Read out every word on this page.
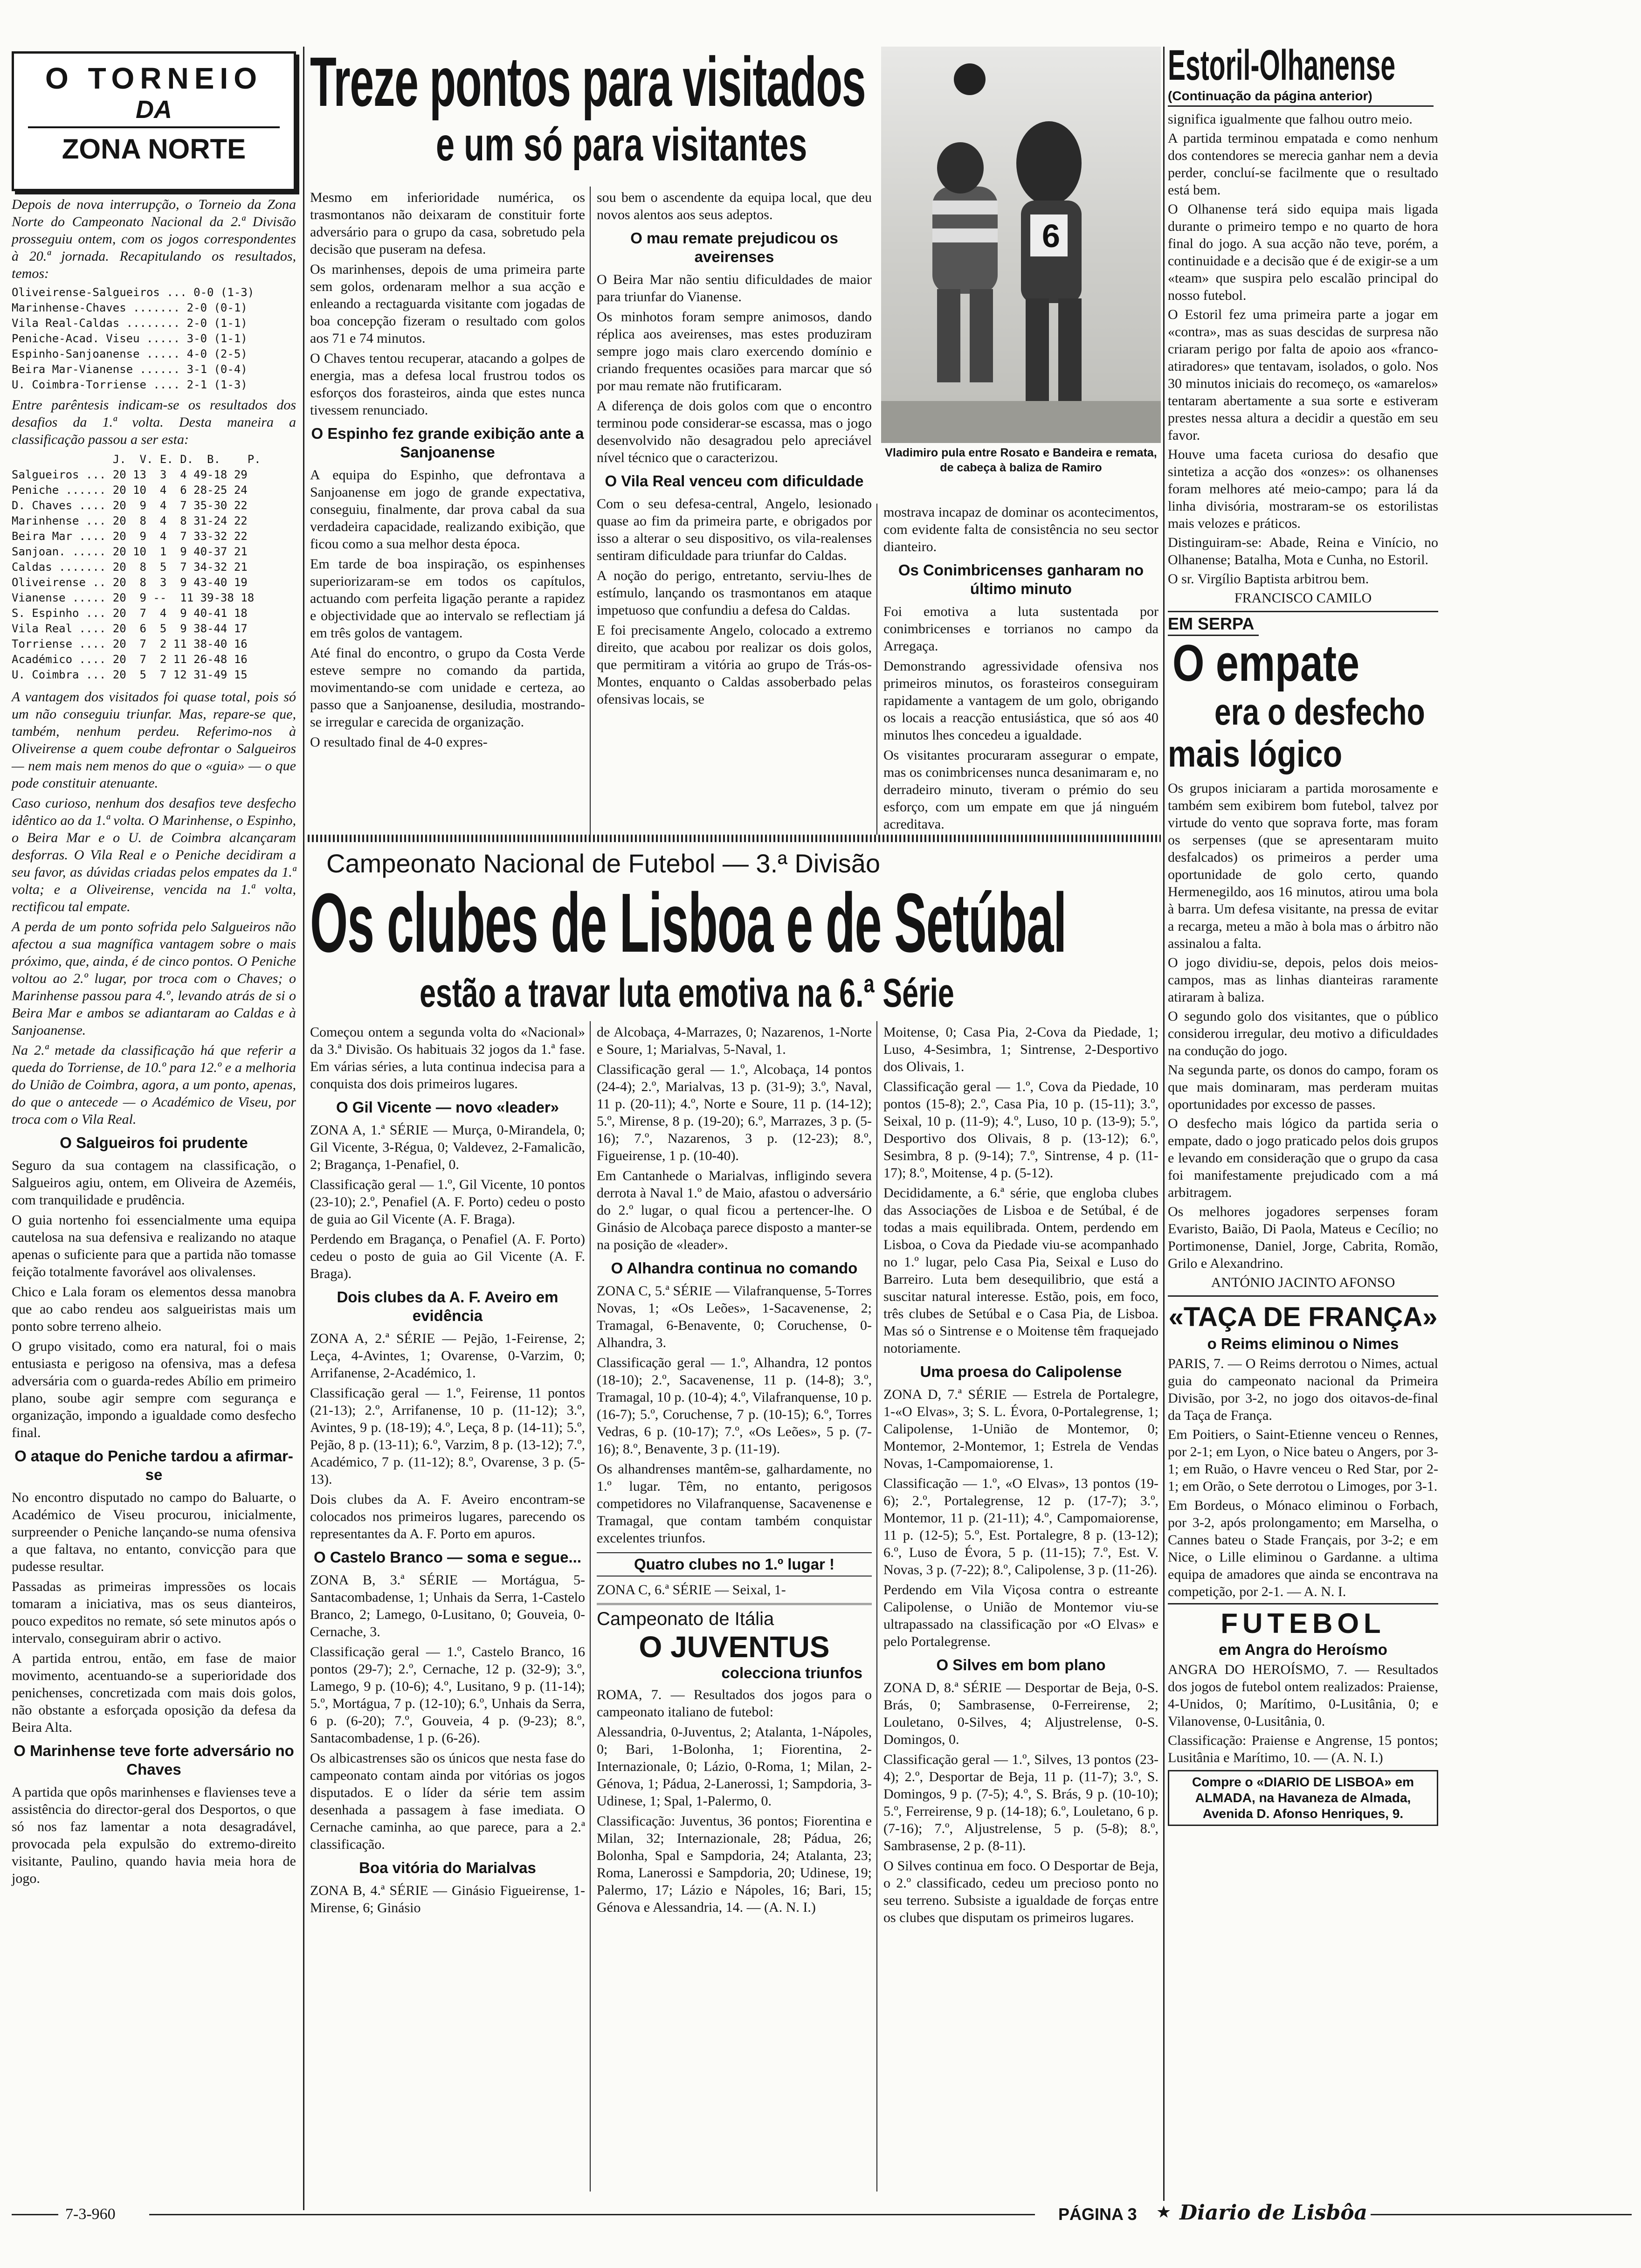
O TORNEIO
DA
ZONA NORTE

Depois de nova interrupção, o Torneio da Zona Norte do Campeonato Nacional da 2.ª Divisão prosseguiu ontem, com os jogos correspondentes à 20.ª jornada. Recapitulando os resultados, temos:

Oliveirense-Salgueiros ... 0-0 (1-3)
Marinhense-Chaves ....... 2-0 (0-1)
Vila Real-Caldas ........ 2-0 (1-1)
Peniche-Acad. Viseu ..... 3-0 (1-1)
Espinho-Sanjoanense ..... 4-0 (2-5)
Beira Mar-Vianense ...... 3-1 (0-4)
U. Coimbra-Torriense .... 2-1 (1-3)

Entre parêntesis indicam-se os resultados dos desafios da 1.ª volta. Desta maneira a classificação passou a ser esta:

J.  V. E. D.  B.    P.
Salgueiros ... 20 13  3  4 49-18 29
Peniche ...... 20 10  4  6 28-25 24
D. Chaves .... 20  9  4  7 35-30 22
Marinhense ... 20  8  4  8 31-24 22
Beira Mar .... 20  9  4  7 33-32 22
Sanjoan. ..... 20 10  1  9 40-37 21
Caldas ....... 20  8  5  7 34-32 21
Oliveirense .. 20  8  3  9 43-40 19
Vianense ..... 20  9 --  11 39-38 18
S. Espinho ... 20  7  4  9 40-41 18
Vila Real .... 20  6  5  9 38-44 17
Torriense .... 20  7  2 11 38-40 16
Académico .... 20  7  2 11 26-48 16
U. Coimbra ... 20  5  7 12 31-49 15

A vantagem dos visitados foi quase total, pois só um não conseguiu triunfar. Mas, repare-se que, também, nenhum perdeu. Referimo-nos à Oliveirense a quem coube defrontar o Salgueiros — nem mais nem menos do que o «guia» — o que pode constituir atenuante.

Caso curioso, nenhum dos desafios teve desfecho idêntico ao da 1.ª volta. O Marinhense, o Espinho, o Beira Mar e o U. de Coimbra alcançaram desforras. O Vila Real e o Peniche decidiram a seu favor, as dúvidas criadas pelos empates da 1.ª volta; e a Oliveirense, vencida na 1.ª volta, rectificou tal empate.

A perda de um ponto sofrida pelo Salgueiros não afectou a sua magnífica vantagem sobre o mais próximo, que, ainda, é de cinco pontos. O Peniche voltou ao 2.º lugar, por troca com o Chaves; o Marinhense passou para 4.º, levando atrás de si o Beira Mar e ambos se adiantaram ao Caldas e à Sanjoanense.

Na 2.ª metade da classificação há que referir a queda do Torriense, de 10.º para 12.º e a melhoria do União de Coimbra, agora, a um ponto, apenas, do que o antecede — o Académico de Viseu, por troca com o Vila Real.

O Salgueiros foi prudente

Seguro da sua contagem na classificação, o Salgueiros agiu, ontem, em Oliveira de Azeméis, com tranquilidade e prudência.

O guia nortenho foi essencialmente uma equipa cautelosa na sua defensiva e realizando no ataque apenas o suficiente para que a partida não tomasse feição totalmente favorável aos olivalenses.

Chico e Lala foram os elementos dessa manobra que ao cabo rendeu aos salgueiristas mais um ponto sobre terreno alheio.

O grupo visitado, como era natural, foi o mais entusiasta e perigoso na ofensiva, mas a defesa adversária com o guarda-redes Abílio em primeiro plano, soube agir sempre com segurança e organização, impondo a igualdade como desfecho final.

O ataque do Peniche tardou a afirmar-se

No encontro disputado no campo do Baluarte, o Académico de Viseu procurou, inicialmente, surpreender o Peniche lançando-se numa ofensiva a que faltava, no entanto, convicção para que pudesse resultar.

Passadas as primeiras impressões os locais tomaram a iniciativa, mas os seus dianteiros, pouco expeditos no remate, só sete minutos após o intervalo, conseguiram abrir o activo.

A partida entrou, então, em fase de maior movimento, acentuando-se a superioridade dos penichenses, concretizada com mais dois golos, não obstante a esforçada oposição da defesa da Beira Alta.

O Marinhense teve forte adversário no Chaves

A partida que opôs marinhenses e flavienses teve a assistência do director-geral dos Desportos, o que só nos faz lamentar a nota desagradável, provocada pela expulsão do extremo-direito visitante, Paulino, quando havia meia hora de jogo.

Treze pontos para visitados
e um só para visitantes

Mesmo em inferioridade numérica, os trasmontanos não deixaram de constituir forte adversário para o grupo da casa, sobretudo pela decisão que puseram na defesa.

Os marinhenses, depois de uma primeira parte sem golos, ordenaram melhor a sua acção e enleando a rectaguarda visitante com jogadas de boa concepção fizeram o resultado com golos aos 71 e 74 minutos.

O Chaves tentou recuperar, atacando a golpes de energia, mas a defesa local frustrou todos os esforços dos forasteiros, ainda que estes nunca tivessem renunciado.

O Espinho fez grande exibição ante a Sanjoanense

A equipa do Espinho, que defrontava a Sanjoanense em jogo de grande expectativa, conseguiu, finalmente, dar prova cabal da sua verdadeira capacidade, realizando exibição, que ficou como a sua melhor desta época.

Em tarde de boa inspiração, os espinhenses superiorizaram-se em todos os capítulos, actuando com perfeita ligação perante a rapidez e objectividade que ao intervalo se reflectiam já em três golos de vantagem.

Até final do encontro, o grupo da Costa Verde esteve sempre no comando da partida, movimentando-se com unidade e certeza, ao passo que a Sanjoanense, desiludia, mostrando-se irregular e carecida de organização.

O resultado final de 4-0 expres-

sou bem o ascendente da equipa local, que deu novos alentos aos seus adeptos.

O mau remate prejudicou os aveirenses

O Beira Mar não sentiu dificuldades de maior para triunfar do Vianense.

Os minhotos foram sempre animosos, dando réplica aos aveirenses, mas estes produziram sempre jogo mais claro exercendo domínio e criando frequentes ocasiões para marcar que só por mau remate não frutificaram.

A diferença de dois golos com que o encontro terminou pode considerar-se escassa, mas o jogo desenvolvido não desagradou pelo apreciável nível técnico que o caracterizou.

O Vila Real venceu com dificuldade

Com o seu defesa-central, Angelo, lesionado quase ao fim da primeira parte, e obrigados por isso a alterar o seu dispositivo, os vila-realenses sentiram dificuldade para triunfar do Caldas.

A noção do perigo, entretanto, serviu-lhes de estímulo, lançando os trasmontanos em ataque impetuoso que confundiu a defesa do Caldas.

E foi precisamente Angelo, colocado a extremo direito, que acabou por realizar os dois golos, que permitiram a vitória ao grupo de Trás-os-Montes, enquanto o Caldas assoberbado pelas ofensivas locais, se

6
Vladimiro pula entre Rosato e Bandeira e remata, de cabeça à baliza de Ramiro

mostrava incapaz de dominar os acontecimentos, com evidente falta de consistência no seu sector dianteiro.

Os Conimbricenses ganharam no último minuto

Foi emotiva a luta sustentada por conimbricenses e torrianos no campo da Arregaça.

Demonstrando agressividade ofensiva nos primeiros minutos, os forasteiros conseguiram rapidamente a vantagem de um golo, obrigando os locais a reacção entusiástica, que só aos 40 minutos lhes concedeu a igualdade.

Os visitantes procuraram assegurar o empate, mas os conimbricenses nunca desanimaram e, no derradeiro minuto, tiveram o prémio do seu esforço, com um empate em que já ninguém acreditava.

Estoril-Olhanense
(Continuação da página anterior)

significa igualmente que falhou outro meio.

A partida terminou empatada e como nenhum dos contendores se merecia ganhar nem a devia perder, concluí-se facilmente que o resultado está bem.

O Olhanense terá sido equipa mais ligada durante o primeiro tempo e no quarto de hora final do jogo. A sua acção não teve, porém, a continuidade e a decisão que é de exigir-se a um «team» que suspira pelo escalão principal do nosso futebol.

O Estoril fez uma primeira parte a jogar em «contra», mas as suas descidas de surpresa não criaram perigo por falta de apoio aos «franco-atiradores» que tentavam, isolados, o golo. Nos 30 minutos iniciais do recomeço, os «amarelos» tentaram abertamente a sua sorte e estiveram prestes nessa altura a decidir a questão em seu favor.

Houve uma faceta curiosa do desafio que sintetiza a acção dos «onzes»: os olhanenses foram melhores até meio-campo; para lá da linha divisória, mostraram-se os estorilistas mais velozes e práticos.

Distinguiram-se: Abade, Reina e Vinício, no Olhanense; Batalha, Mota e Cunha, no Estoril.

O sr. Virgílio Baptista arbitrou bem.

FRANCISCO CAMILO
EM SERPA
O empate
era o desfecho
mais lógico

Os grupos iniciaram a partida morosamente e também sem exibirem bom futebol, talvez por virtude do vento que soprava forte, mas foram os serpenses (que se apresentaram muito desfalcados) os primeiros a perder uma oportunidade de golo certo, quando Hermenegildo, aos 16 minutos, atirou uma bola à barra. Um defesa visitante, na pressa de evitar a recarga, meteu a mão à bola mas o árbitro não assinalou a falta.

O jogo dividiu-se, depois, pelos dois meios-campos, mas as linhas dianteiras raramente atiraram à baliza.

O segundo golo dos visitantes, que o público considerou irregular, deu motivo a dificuldades na condução do jogo.

Na segunda parte, os donos do campo, foram os que mais dominaram, mas perderam muitas oportunidades por excesso de passes.

O desfecho mais lógico da partida seria o empate, dado o jogo praticado pelos dois grupos e levando em consideração que o grupo da casa foi manifestamente prejudicado com a má arbitragem.

Os melhores jogadores serpenses foram Evaristo, Baião, Di Paola, Mateus e Cecílio; no Portimonense, Daniel, Jorge, Cabrita, Romão, Grilo e Alexandrino.

ANTÓNIO JACINTO AFONSO
«TAÇA DE FRANÇA»
o Reims eliminou o Nimes

PARIS, 7. — O Reims derrotou o Nimes, actual guia do campeonato nacional da Primeira Divisão, por 3-2, no jogo dos oitavos-de-final da Taça de França.

Em Poitiers, o Saint-Etienne venceu o Rennes, por 2-1; em Lyon, o Nice bateu o Angers, por 3-1; em Ruão, o Havre venceu o Red Star, por 2-1; em Orão, o Sete derrotou o Limoges, por 3-1.

Em Bordeus, o Mónaco eliminou o Forbach, por 3-2, após prolongamento; em Marselha, o Cannes bateu o Stade Français, por 3-2; e em Nice, o Lille eliminou o Gardanne. a ultima equipa de amadores que ainda se encontrava na competição, por 2-1. — A. N. I.

FUTEBOL
em Angra do Heroísmo

ANGRA DO HEROÍSMO, 7. — Resultados dos jogos de futebol ontem realizados: Praiense, 4-Unidos, 0; Marítimo, 0-Lusitânia, 0; e Vilanovense, 0-Lusitânia, 0.

Classificação: Praiense e Angrense, 15 pontos; Lusitânia e Marítimo, 10. — (A. N. I.)

Compre o «DIARIO DE LISBOA» em ALMADA, na Havaneza de Almada, Avenida D. Afonso Henriques, 9.
Campeonato Nacional de Futebol — 3.ª Divisão
Os clubes de Lisboa e de Setúbal
estão a travar luta emotiva na 6.ª Série

Começou ontem a segunda volta do «Nacional» da 3.ª Divisão. Os habituais 32 jogos da 1.ª fase. Em várias séries, a luta continua indecisa para a conquista dos dois primeiros lugares.

O Gil Vicente — novo «leader»

ZONA A, 1.ª SÉRIE — Murça, 0-Mirandela, 0; Gil Vicente, 3-Régua, 0; Valdevez, 2-Famalicão, 2; Bragança, 1-Penafiel, 0.

Classificação geral — 1.º, Gil Vicente, 10 pontos (23-10); 2.º, Penafiel (A. F. Porto) cedeu o posto de guia ao Gil Vicente (A. F. Braga).

Perdendo em Bragança, o Penafiel (A. F. Porto) cedeu o posto de guia ao Gil Vicente (A. F. Braga).

Dois clubes da A. F. Aveiro em evidência

ZONA A, 2.ª SÉRIE — Pejão, 1-Feirense, 2; Leça, 4-Avintes, 1; Ovarense, 0-Varzim, 0; Arrifanense, 2-Académico, 1.

Classificação geral — 1.º, Feirense, 11 pontos (21-13); 2.º, Arrifanense, 10 p. (11-12); 3.º, Avintes, 9 p. (18-19); 4.º, Leça, 8 p. (14-11); 5.º, Pejão, 8 p. (13-11); 6.º, Varzim, 8 p. (13-12); 7.º, Académico, 7 p. (11-12); 8.º, Ovarense, 3 p. (5-13).

Dois clubes da A. F. Aveiro encontram-se colocados nos primeiros lugares, parecendo os representantes da A. F. Porto em apuros.

O Castelo Branco — soma e segue...

ZONA B, 3.ª SÉRIE — Mortágua, 5-Santacombadense, 1; Unhais da Serra, 1-Castelo Branco, 2; Lamego, 0-Lusitano, 0; Gouveia, 0-Cernache, 3.

Classificação geral — 1.º, Castelo Branco, 16 pontos (29-7); 2.º, Cernache, 12 p. (32-9); 3.º, Lamego, 9 p. (10-6); 4.º, Lusitano, 9 p. (11-14); 5.º, Mortágua, 7 p. (12-10); 6.º, Unhais da Serra, 6 p. (6-20); 7.º, Gouveia, 4 p. (9-23); 8.º, Santacombadense, 1 p. (6-26).

Os albicastrenses são os únicos que nesta fase do campeonato contam ainda por vitórias os jogos disputados. E o líder da série tem assim desenhada a passagem à fase imediata. O Cernache caminha, ao que parece, para a 2.ª classificação.

Boa vitória do Marialvas

ZONA B, 4.ª SÉRIE — Ginásio Figueirense, 1-Mirense, 6; Ginásio

de Alcobaça, 4-Marrazes, 0; Nazarenos, 1-Norte e Soure, 1; Marialvas, 5-Naval, 1.

Classificação geral — 1.º, Alcobaça, 14 pontos (24-4); 2.º, Marialvas, 13 p. (31-9); 3.º, Naval, 11 p. (20-11); 4.º, Norte e Soure, 11 p. (14-12); 5.º, Mirense, 8 p. (19-20); 6.º, Marrazes, 3 p. (5-16); 7.º, Nazarenos, 3 p. (12-23); 8.º, Figueirense, 1 p. (10-40).

Em Cantanhede o Marialvas, infligindo severa derrota à Naval 1.º de Maio, afastou o adversário do 2.º lugar, o qual ficou a pertencer-lhe. O Ginásio de Alcobaça parece disposto a manter-se na posição de «leader».

O Alhandra continua no comando

ZONA C, 5.ª SÉRIE — Vilafranquense, 5-Torres Novas, 1; «Os Leões», 1-Sacavenense, 2; Tramagal, 6-Benavente, 0; Coruchense, 0-Alhandra, 3.

Classificação geral — 1.º, Alhandra, 12 pontos (18-10); 2.º, Sacavenense, 11 p. (14-8); 3.º, Tramagal, 10 p. (10-4); 4.º, Vilafranquense, 10 p. (16-7); 5.º, Coruchense, 7 p. (10-15); 6.º, Torres Vedras, 6 p. (10-17); 7.º, «Os Leões», 5 p. (7-16); 8.º, Benavente, 3 p. (11-19).

Os alhandrenses mantêm-se, galhardamente, no 1.º lugar. Têm, no entanto, perigosos competidores no Vilafranquense, Sacavenense e Tramagal, que contam também conquistar excelentes triunfos.

Quatro clubes no 1.º lugar !

ZONA C, 6.ª SÉRIE — Seixal, 1-

Campeonato de Itália
O JUVENTUS
colecciona triunfos

ROMA, 7. — Resultados dos jogos para o campeonato italiano de futebol:

Alessandria, 0-Juventus, 2; Atalanta, 1-Nápoles, 0; Bari, 1-Bolonha, 1; Fiorentina, 2-Internazionale, 0; Lázio, 0-Roma, 1; Milan, 2-Génova, 1; Pádua, 2-Lanerossi, 1; Sampdoria, 3-Udinese, 1; Spal, 1-Palermo, 0.

Classificação: Juventus, 36 pontos; Fiorentina e Milan, 32; Internazionale, 28; Pádua, 26; Bolonha, Spal e Sampdoria, 24; Atalanta, 23; Roma, Lanerossi e Sampdoria, 20; Udinese, 19; Palermo, 17; Lázio e Nápoles, 16; Bari, 15; Génova e Alessandria, 14. — (A. N. I.)

Moitense, 0; Casa Pia, 2-Cova da Piedade, 1; Luso, 4-Sesimbra, 1; Sintrense, 2-Desportivo dos Olivais, 1.

Classificação geral — 1.º, Cova da Piedade, 10 pontos (15-8); 2.º, Casa Pia, 10 p. (15-11); 3.º, Seixal, 10 p. (11-9); 4.º, Luso, 10 p. (13-9); 5.º, Desportivo dos Olivais, 8 p. (13-12); 6.º, Sesimbra, 8 p. (9-14); 7.º, Sintrense, 4 p. (11-17); 8.º, Moitense, 4 p. (5-12).

Decididamente, a 6.ª série, que engloba clubes das Associações de Lisboa e de Setúbal, é de todas a mais equilibrada. Ontem, perdendo em Lisboa, o Cova da Piedade viu-se acompanhado no 1.º lugar, pelo Casa Pia, Seixal e Luso do Barreiro. Luta bem desequilibrio, que está a suscitar natural interesse. Estão, pois, em foco, três clubes de Setúbal e o Casa Pia, de Lisboa. Mas só o Sintrense e o Moitense têm fraquejado notoriamente.

Uma proesa do Calipolense

ZONA D, 7.ª SÉRIE — Estrela de Portalegre, 1-«O Elvas», 3; S. L. Évora, 0-Portalegrense, 1; Calipolense, 1-União de Montemor, 0; Montemor, 2-Montemor, 1; Estrela de Vendas Novas, 1-Campomaiorense, 1.

Classificação — 1.º, «O Elvas», 13 pontos (19-6); 2.º, Portalegrense, 12 p. (17-7); 3.º, Montemor, 11 p. (21-11); 4.º, Campomaiorense, 11 p. (12-5); 5.º, Est. Portalegre, 8 p. (13-12); 6.º, Luso de Évora, 5 p. (11-15); 7.º, Est. V. Novas, 3 p. (7-22); 8.º, Calipolense, 3 p. (11-26).

Perdendo em Vila Viçosa contra o estreante Calipolense, o União de Montemor viu-se ultrapassado na classificação por «O Elvas» e pelo Portalegrense.

O Silves em bom plano

ZONA D, 8.ª SÉRIE — Desportar de Beja, 0-S. Brás, 0; Sambrasense, 0-Ferreirense, 2; Louletano, 0-Silves, 4; Aljustrelense, 0-S. Domingos, 0.

Classificação geral — 1.º, Silves, 13 pontos (23-4); 2.º, Desportar de Beja, 11 p. (11-7); 3.º, S. Domingos, 9 p. (7-5); 4.º, S. Brás, 9 p. (10-10); 5.º, Ferreirense, 9 p. (14-18); 6.º, Louletano, 6 p. (7-16); 7.º, Aljustrelense, 5 p. (5-8); 8.º, Sambrasense, 2 p. (8-11).

O Silves continua em foco. O Desportar de Beja, o 2.º classificado, cedeu um precioso ponto no seu terreno. Subsiste a igualdade de forças entre os clubes que disputam os primeiros lugares.

7-3-960	PÁGINA 3 ★ Diario de Lisbôa
